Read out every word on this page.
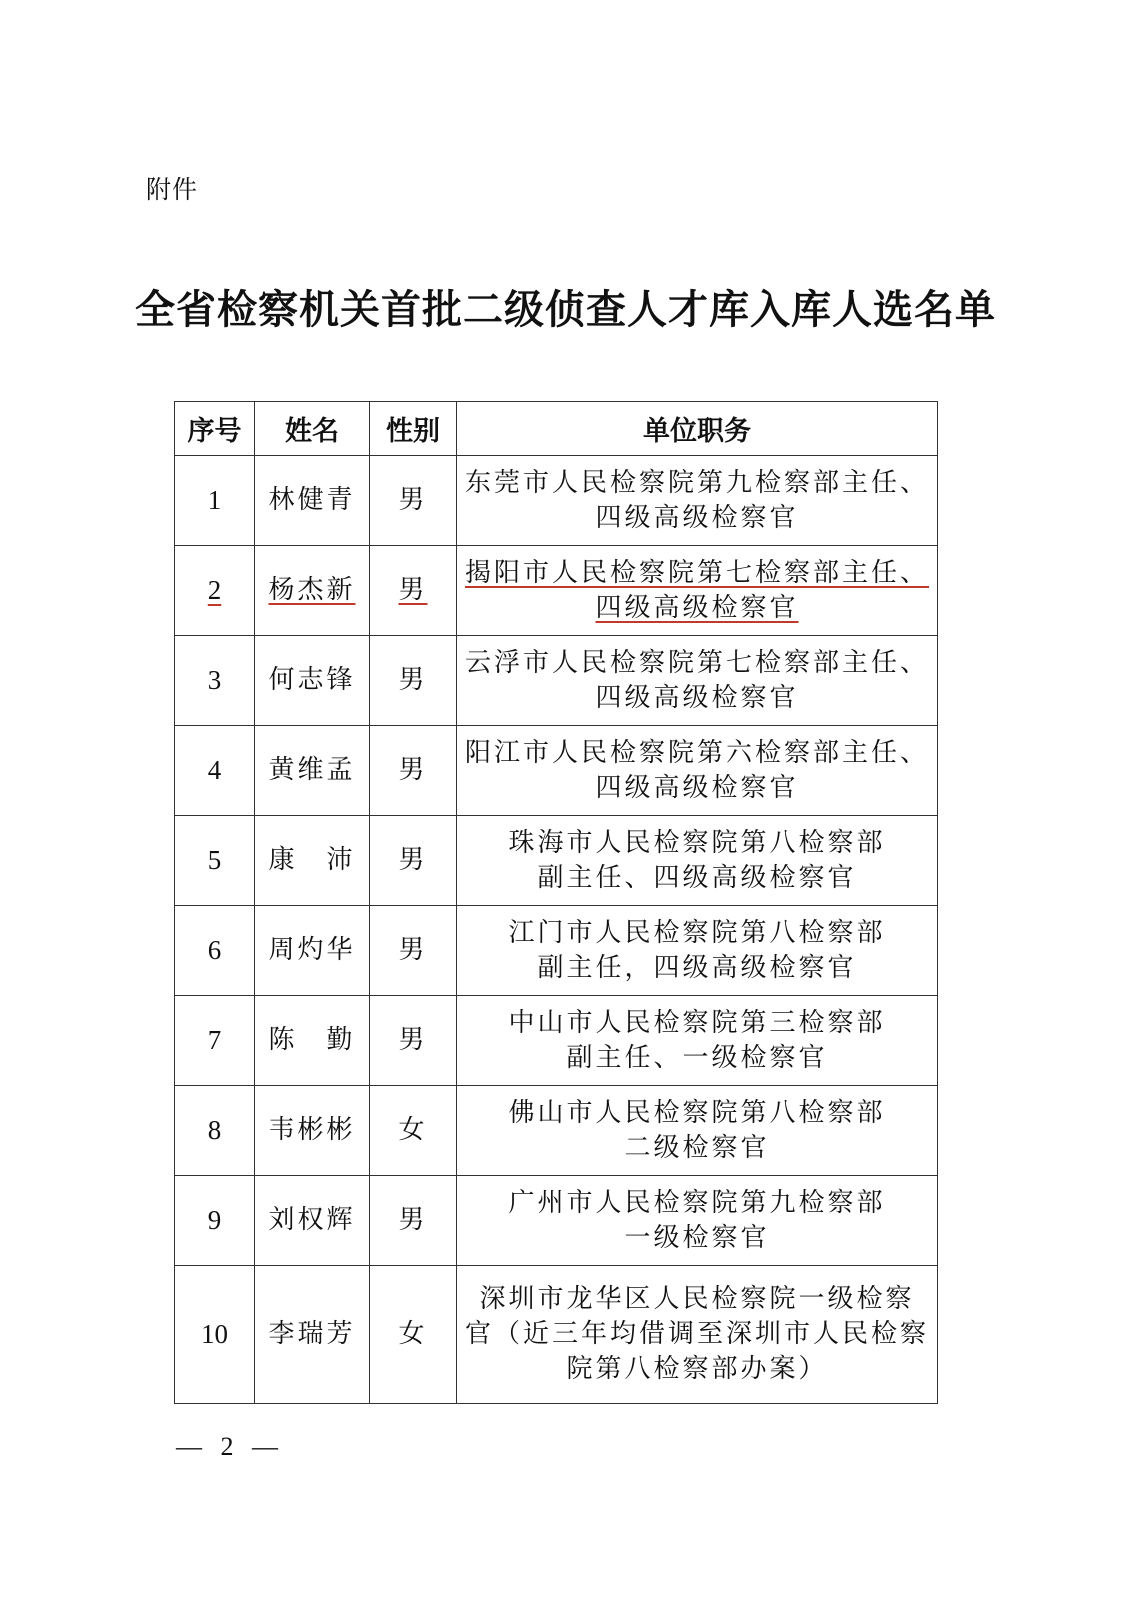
附件
全省检察机关首批二级侦查人才库入库人选名单
序号	姓名	性别	单位职务
1	林健青	男	东莞市人民检察院第九检察部主任、
四级高级检察官

2	杨杰新	男	揭阳市人民检察院第七检察部主任、
四级高级检察官

3	何志锋	男	云浮市人民检察院第七检察部主任、
四级高级检察官

4	黄维孟	男	阳江市人民检察院第六检察部主任、
四级高级检察官

5	康　沛	男	珠海市人民检察院第八检察部
副主任、四级高级检察官

6	周灼华	男	江门市人民检察院第八检察部
副主任，四级高级检察官

7	陈　勤	男	中山市人民检察院第三检察部
副主任、一级检察官

8	韦彬彬	女	佛山市人民检察院第八检察部
二级检察官

9	刘权辉	男	广州市人民检察院第九检察部
一级检察官

10	李瑞芳	女	深圳市龙华区人民检察院一级检察
官（近三年均借调至深圳市人民检察
院第八检察部办案）
— 2 —
